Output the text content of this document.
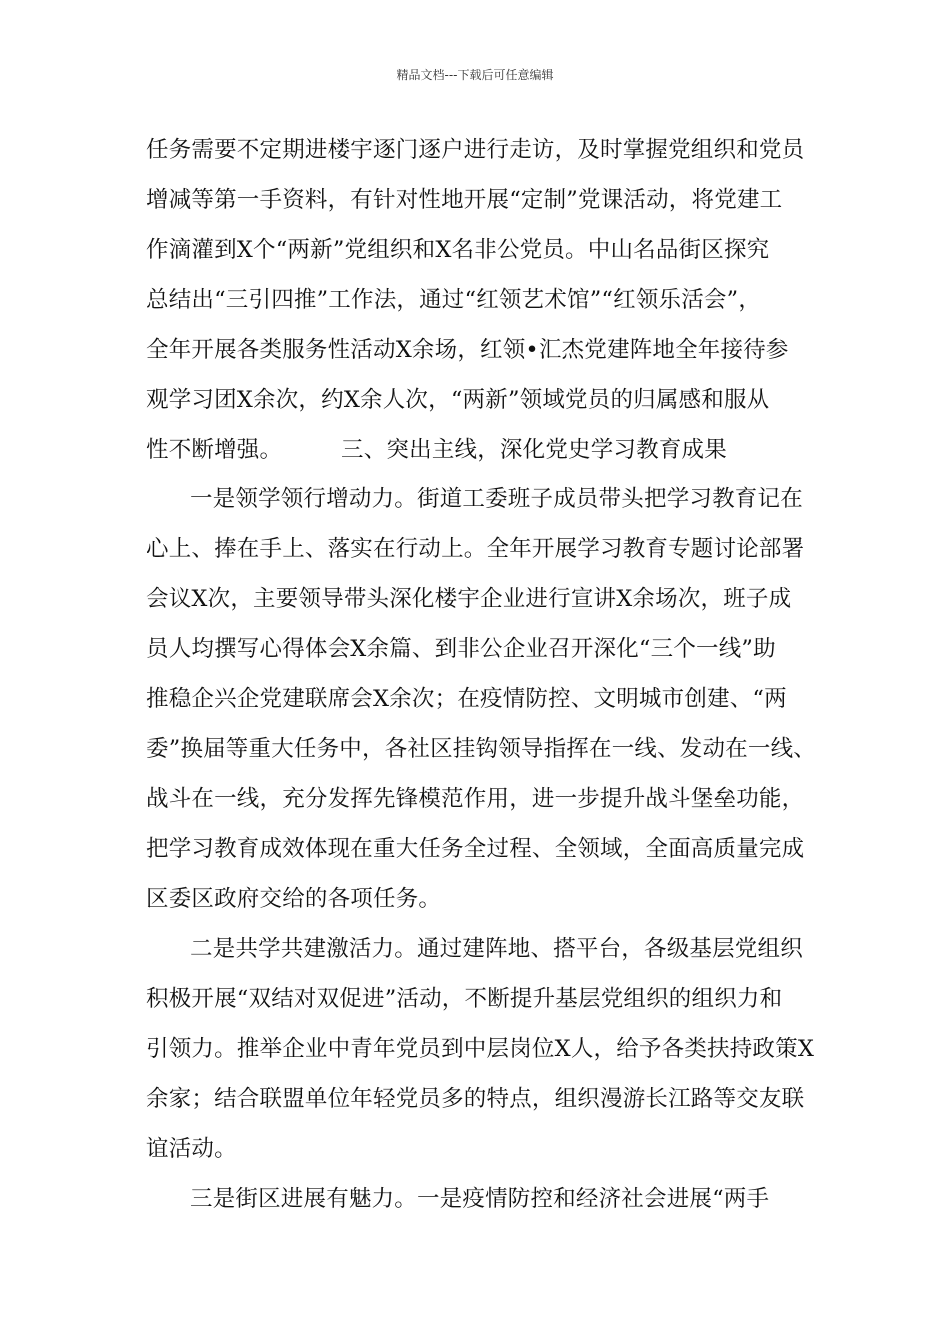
精品文档---下载后可任意编辑
任务需要不定期进楼宇逐门逐户进行走访，及时掌握党组织和党员
增减等第一手资料，有针对性地开展“定制”党课活动，将党建工
作滴灌到X个“两新”党组织和X名非公党员。中山名品街区探究
总结出“三引四推”工作法，通过“红领艺术馆”“红领乐活会”，
全年开展各类服务性活动X余场，红领•汇杰党建阵地全年接待参
观学习团X余次，约X余人次，“两新”领域党员的归属感和服从
性不断增强。        三、突出主线，深化党史学习教育成果
一是领学领行增动力。街道工委班子成员带头把学习教育记在
心上、捧在手上、落实在行动上。全年开展学习教育专题讨论部署
会议X次，主要领导带头深化楼宇企业进行宣讲X余场次，班子成
员人均撰写心得体会X余篇、到非公企业召开深化“三个一线”助
推稳企兴企党建联席会X余次；在疫情防控、文明城市创建、“两
委”换届等重大任务中，各社区挂钩领导指挥在一线、发动在一线、
战斗在一线，充分发挥先锋模范作用，进一步提升战斗堡垒功能，
把学习教育成效体现在重大任务全过程、全领域，全面高质量完成
区委区政府交给的各项任务。
二是共学共建激活力。通过建阵地、搭平台，各级基层党组织
积极开展“双结对双促进”活动，不断提升基层党组织的组织力和
引领力。推举企业中青年党员到中层岗位X人，给予各类扶持政策X
余家；结合联盟单位年轻党员多的特点，组织漫游长江路等交友联
谊活动。
三是街区进展有魅力。一是疫情防控和经济社会进展“两手
